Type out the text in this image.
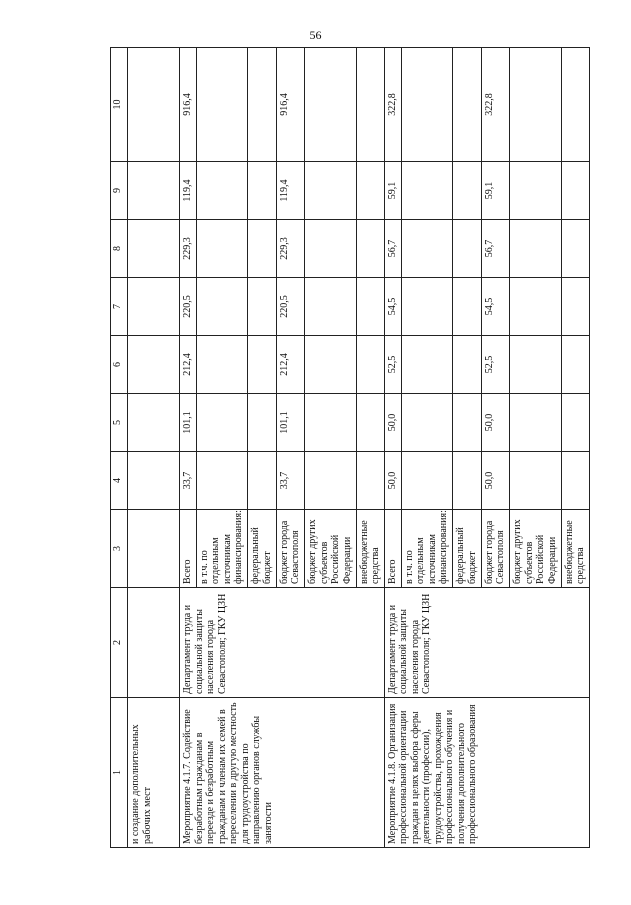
56
1	2	3	4	5	6	7	8	9	10
и создание дополнительных рабочих мест									
Мероприятие 4.1.7. Содействие безработным гражданам в переезде и безработным гражданам и членам их семей в переселении в другую местность для трудоустройства по направлению органов службы занятости	Департамент труда и социальной защиты населения города Севастополя; ГКУ ЦЗН	Всего	33,7	101,1	212,4	220,5	229,3	119,4	916,4
		в т.ч. по отдельным источникам финансирования:							
		федеральный бюджет							
		бюджет города Севастополя	33,7	101,1	212,4	220,5	229,3	119,4	916,4
		бюджет других субъектов Российской Федерации							
		внебюджетные средства							
Мероприятие 4.1.8. Организация профессиональной ориентации граждан в целях выбора сферы деятельности (профессии), трудоустройства, прохождения профессионального обучения и получения дополнительного профессионального образования	Департамент труда и социальной защиты населения города Севастополя; ГКУ ЦЗН	Всего	50,0	50,0	52,5	54,5	56,7	59,1	322,8
		в т.ч. по отдельным источникам финансирования:							
		федеральный бюджет							
		бюджет города Севастополя	50,0	50,0	52,5	54,5	56,7	59,1	322,8
		бюджет других субъектов Российской Федерации							
		внебюджетные средства							
